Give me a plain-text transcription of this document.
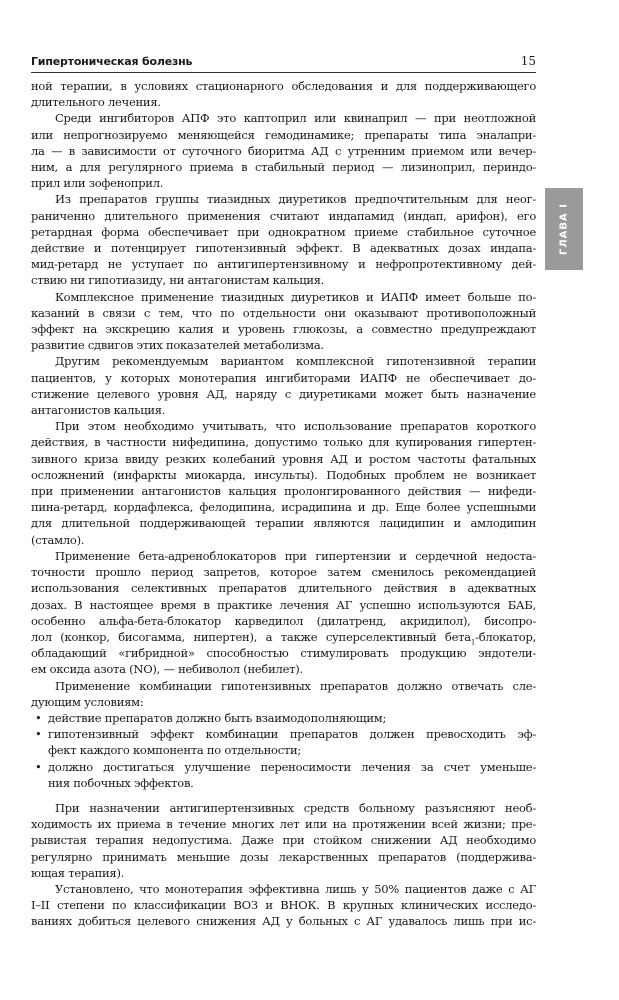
Гипертоническая болезнь	15
ГЛАВА I
ной терапии, в условиях стационарного обследования и для поддерживающего
длительного лечения.
Среди ингибиторов АПФ это каптоприл или квинаприл — при неотложной
или непрогнозируемо меняющейся гемодинамике; препараты типа эналапри-
ла — в зависимости от суточного биоритма АД с утренним приемом или вечер-
ним, а для регулярного приема в стабильный период — лизиноприл, периндо-
прил или зофеноприл.
Из препаратов группы тиазидных диуретиков предпочтительным для неог-
раниченно длительного применения считают индапамид (индап, арифон), его
ретардная форма обеспечивает при однократном приеме стабильное суточное
действие и потенцирует гипотензивный эффект. В адекватных дозах индапа-
мид-ретард не уступает по антигипертензивному и нефропротективному дей-
ствию ни гипотиазиду, ни антагонистам кальция.
Комплексное применение тиазидных диуретиков и ИАПФ имеет больше по-
казаний в связи с тем, что по отдельности они оказывают противоположный
эффект на экскрецию калия и уровень глюкозы, а совместно предупреждают
развитие сдвигов этих показателей метаболизма.
Другим рекомендуемым вариантом комплексной гипотензивной терапии
пациентов, у которых монотерапия ингибиторами ИАПФ не обеспечивает до-
стижение целевого уровня АД, наряду с диуретиками может быть назначение
антагонистов кальция.
При этом необходимо учитывать, что использование препаратов короткого
действия, в частности нифедипина, допустимо только для купирования гипертен-
зивного криза ввиду резких колебаний уровня АД и ростом частоты фатальных
осложнений (инфаркты миокарда, инсульты). Подобных проблем не возникает
при применении антагонистов кальция пролонгированного действия — нифеди-
пина-ретард, кордафлекса, фелодипина, исрадипина и др. Еще более успешными
для длительной поддерживающей терапии являются лацидипин и амлодипин
(стамло).
Применение бета-адреноблокаторов при гипертензии и сердечной недоста-
точности прошло период запретов, которое затем сменилось рекомендацией
использования селективных препаратов длительного действия в адекватных
дозах. В настоящее время в практике лечения АГ успешно используются БАБ,
особенно альфа-бета-блокатор карведилол (дилатренд, акридилол), бисопро-
лол (конкор, бисогамма, нипертен), а также суперселективный бета$_1$-блокатор,
обладающий «гибридной» способностью стимулировать продукцию эндотели-
ем оксида азота (NO), — небиволол (небилет).
Применение комбинации гипотензивных препаратов должно отвечать сле-
дующим условиям:
• действие препаратов должно быть взаимодополняющим;
• гипотензивный эффект комбинации препаратов должен превосходить эф-
фект каждого компонента по отдельности;
• должно достигаться улучшение переносимости лечения за счет уменьше-
ния побочных эффектов.
При назначении антигипертензивных средств больному разъясняют необ-
ходимость их приема в течение многих лет или на протяжении всей жизни; пре-
рывистая терапия недопустима. Даже при стойком снижении АД необходимо
регулярно принимать меньшие дозы лекарственных препаратов (поддержива-
ющая терапия).
Установлено, что монотерапия эффективна лишь у 50% пациентов даже с АГ
I–II степени по классификации ВОЗ и ВНОК. В крупных клинических исследо-
ваниях добиться целевого снижения АД у больных с АГ удавалось лишь при ис-
